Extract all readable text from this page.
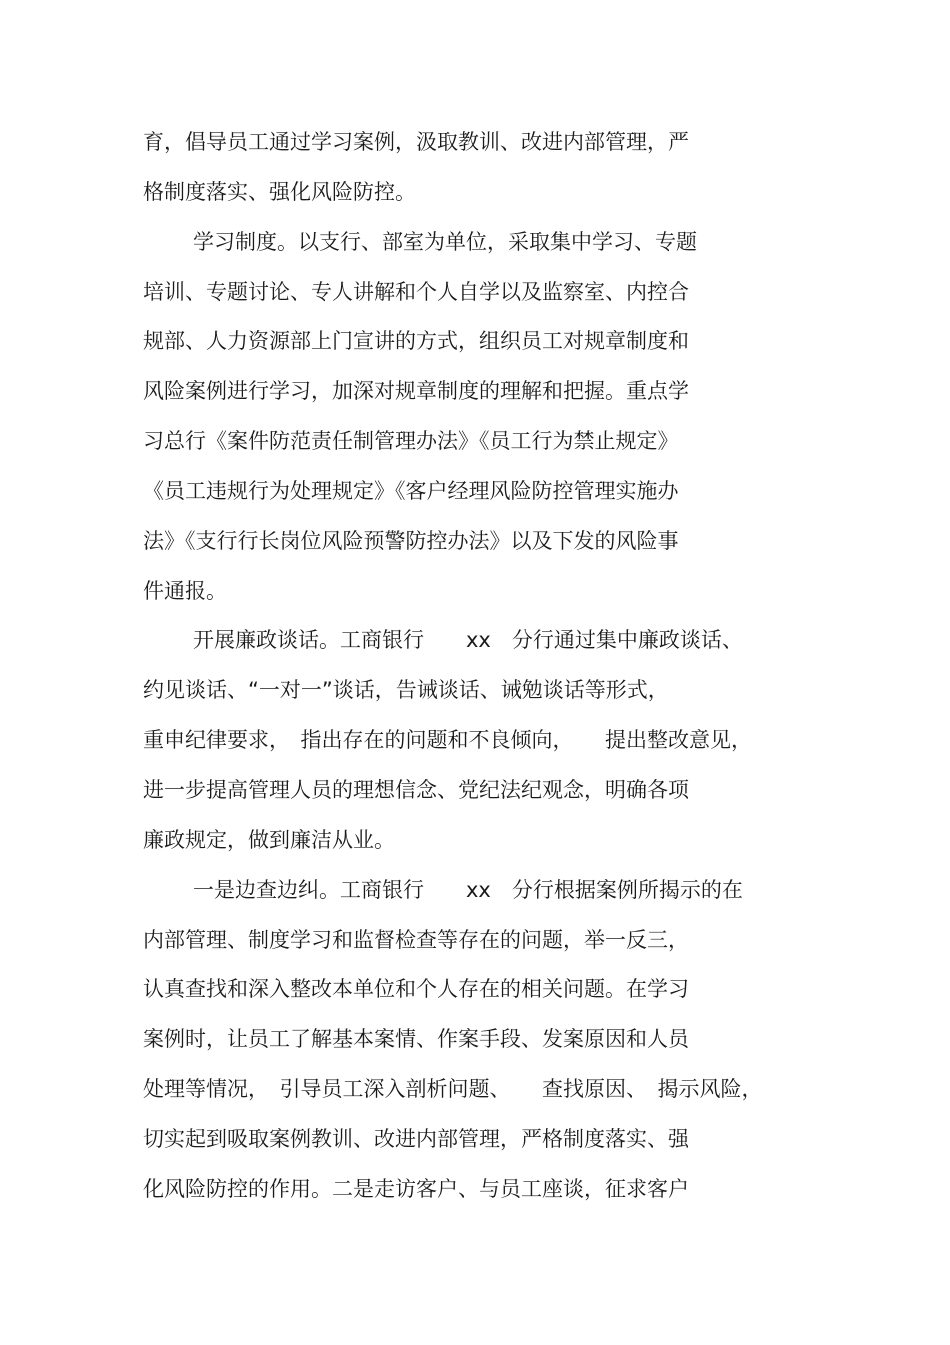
育，倡导员工通过学习案例，汲取教训、改进内部管理，严
格制度落实、强化风险防控。
学习制度。以支行、部室为单位，采取集中学习、专题
培训、专题讨论、专人讲解和个人自学以及监察室、内控合
规部、人力资源部上门宣讲的方式，组织员工对规章制度和
风险案例进行学习，加深对规章制度的理解和把握。重点学
习总行《案件防范责任制管理办法》《员工行为禁止规定》
《员工违规行为处理规定》《客户经理风险防控管理实施办
法》《支行行长岗位风险预警防控办法》以及下发的风险事
件通报。
开展廉政谈话。工商银行　　xx　分行通过集中廉政谈话、
约见谈话、“一对一”谈话，告诫谈话、诫勉谈话等形式，
重申纪律要求，　指出存在的问题和不良倾向，　　提出整改意见，
进一步提高管理人员的理想信念、党纪法纪观念，明确各项
廉政规定，做到廉洁从业。
一是边查边纠。工商银行　　xx　分行根据案例所揭示的在
内部管理、制度学习和监督检查等存在的问题，举一反三，
认真查找和深入整改本单位和个人存在的相关问题。在学习
案例时，让员工了解基本案情、作案手段、发案原因和人员
处理等情况，　引导员工深入剖析问题、　　查找原因、　揭示风险，
切实起到吸取案例教训、改进内部管理，严格制度落实、强
化风险防控的作用。二是走访客户、与员工座谈，征求客户
